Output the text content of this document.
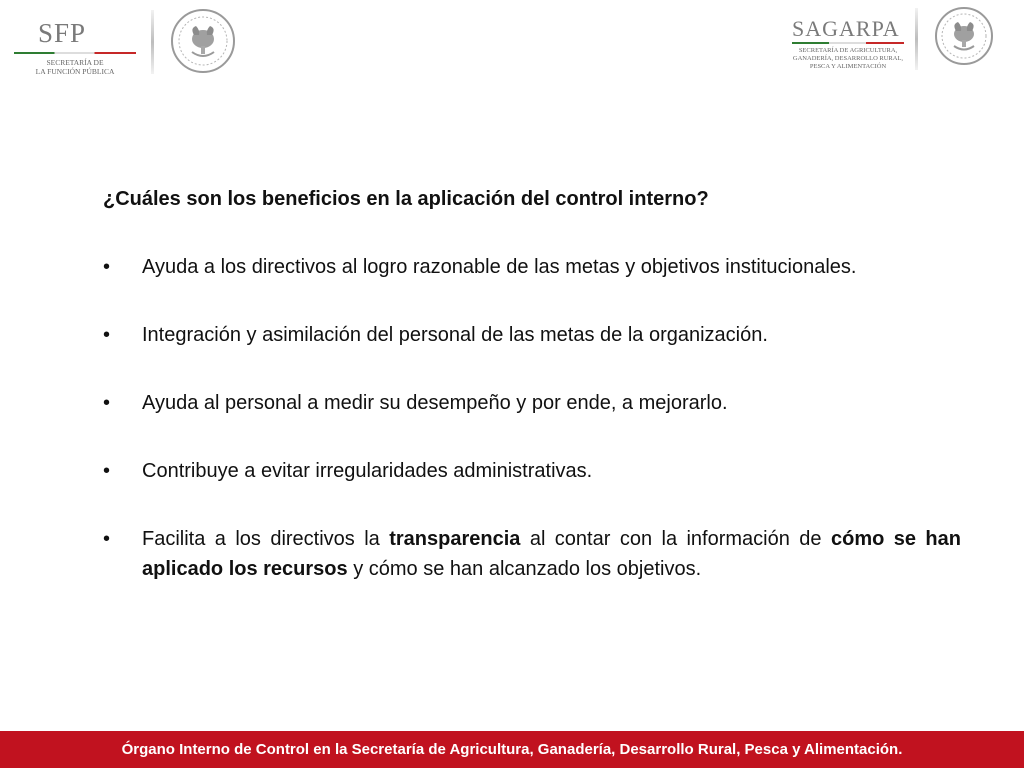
SFP
SECRETARÍA DE
LA FUNCIÓN PÚBLICA
SAGARPA
SECRETARÍA DE AGRICULTURA,
GANADERÍA, DESARROLLO RURAL,
PESCA Y ALIMENTACIÓN
¿Cuáles son los beneficios en la aplicación del control interno?
•	Ayuda a los directivos al logro razonable de las metas y objetivos institucionales.
•	Integración y asimilación del personal de las metas de la organización.
•	Ayuda al personal a medir su desempeño y por ende, a mejorarlo.
•	Contribuye a evitar irregularidades administrativas.
•	Facilita a los directivos la transparencia al contar con la información de cómo se han aplicado los recursos y cómo se han alcanzado los objetivos.
Órgano Interno de Control en la Secretaría de Agricultura, Ganadería, Desarrollo Rural, Pesca y Alimentación.
